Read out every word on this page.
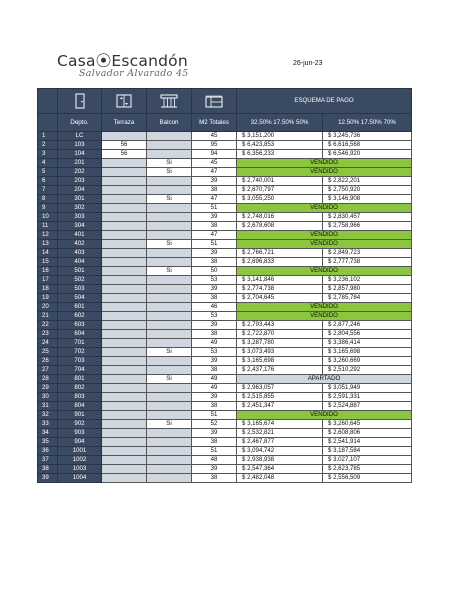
Casa⦿Escandón
Salvador Alvarado 45
26-jun-23

	ESQUEMA DE PAGO	
	Depto.	Terraza	Balcon	M2 Totales	32.50% 17.50% 50%	12.50% 17.50% 70%
1	LC			45	$ 3,151,200	$ 3,245,736
2	103	56		95	$ 6,423,853	$ 6,616,568
3	104	56		94	$ 6,356,233	$ 6,546,920
4	201		Si	45	VENDIDO	
5	202		Si	47	VENDIDO	
6	203			39	$ 2,740,001	$ 2,822,201
7	204			38	$ 2,670,797	$ 2,750,920
8	301		Si	47	$ 3,055,250	$ 3,146,908
9	302			51	VENDIDO	
10	303			39	$ 2,748,016	$ 2,830,457
11	304			38	$ 2,678,608	$ 2,758,966
12	401			47	VENDIDO	
13	402		Si	51	VENDIDO	
14	403			39	$ 2,766,721	$ 2,849,723
15	404			38	$ 2,696,833	$ 2,777,738
16	501		Si	50	VENDIDO	
17	502			53	$ 3,141,846	$ 3,236,102
18	503			39	$ 2,774,738	$ 2,857,980
19	504			38	$ 2,704,645	$ 2,785,784
20	601			46	VENDIDO	
21	602			53	VENDIDO	
22	603			39	$ 2,793,443	$ 2,877,246
23	604			38	$ 2,722,870	$ 2,804,556
24	701			49	$ 3,287,780	$ 3,386,414
25	702		Si	53	$ 3,073,493	$ 3,165,698
26	703			39	$ 3,165,698	$ 3,260,669
27	704			38	$ 2,437,176	$ 2,510,292
28	801		Si	49	APARTADO	
29	802			49	$ 2,963,057	$ 3,051,949
30	803			39	$ 2,515,855	$ 2,591,331
31	804			38	$ 2,451,347	$ 2,524,887
32	901			51	VENDIDO	
33	902		Si	52	$ 3,165,674	$ 3,260,645
34	903			39	$ 2,532,821	$ 2,608,806
35	904			38	$ 2,467,877	$ 2,541,914
36	1001			51	$ 3,094,742	$ 3,187,584
37	1002			48	$ 2,938,938	$ 3,027,107
38	1003			39	$ 2,547,364	$ 2,623,785
39	1004			38	$ 2,482,048	$ 2,556,509
